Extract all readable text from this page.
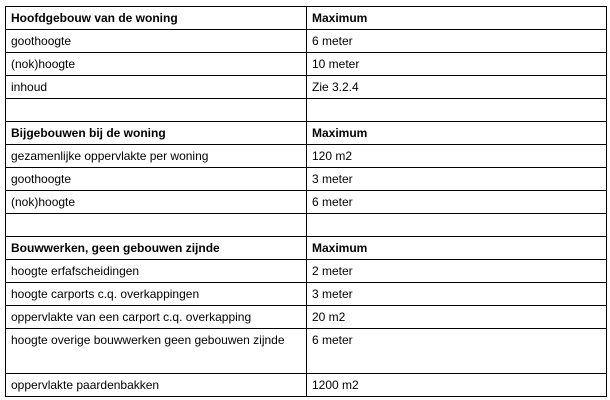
Hoofdgebouw van de woning	Maximum
goothoogte	6 meter
(nok)hoogte	10 meter
inhoud	Zie 3.2.4

Bijgebouwen bij de woning	Maximum
gezamenlijke oppervlakte per woning	120 m2
goothoogte	3 meter
(nok)hoogte	6 meter

Bouwwerken, geen gebouwen zijnde	Maximum
hoogte erfafscheidingen	2 meter
hoogte carports c.q. overkappingen	3 meter
oppervlakte van een carport c.q. overkapping	20 m2
hoogte overige bouwwerken geen gebouwen zijnde	6 meter
oppervlakte paardenbakken	1200 m2
